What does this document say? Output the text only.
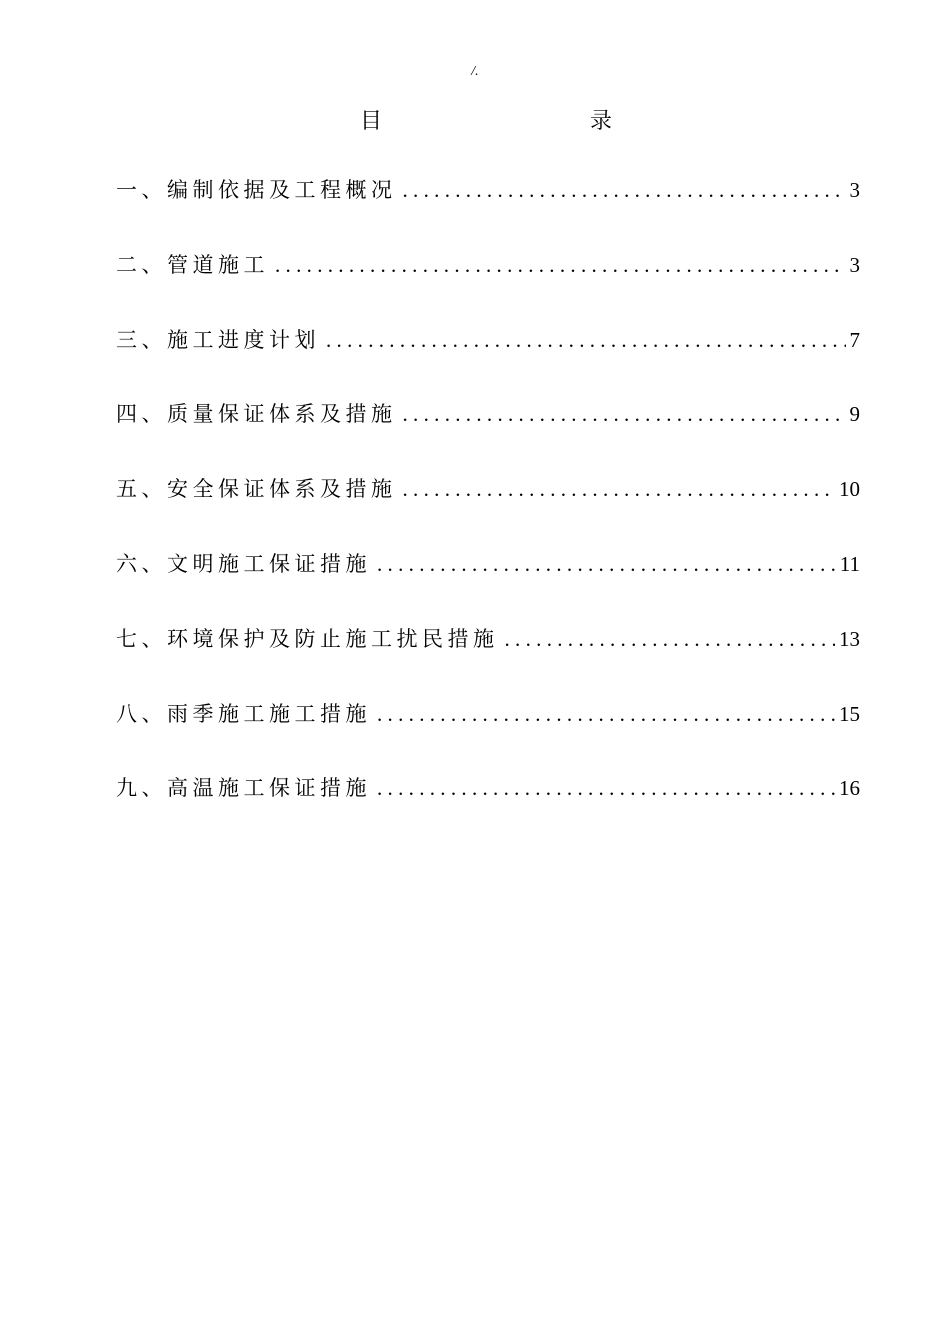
/.
目	录
一、编制依据及工程概况 .....	3
二、管道施工 .....	3
三、施工进度计划 .....	7
四、质量保证体系及措施 .....	9
五、安全保证体系及措施 .....	10
六、文明施工保证措施 .....	11
七、环境保护及防止施工扰民措施 .....	13
八、雨季施工施工措施 .....	15
九、高温施工保证措施 .....	16
